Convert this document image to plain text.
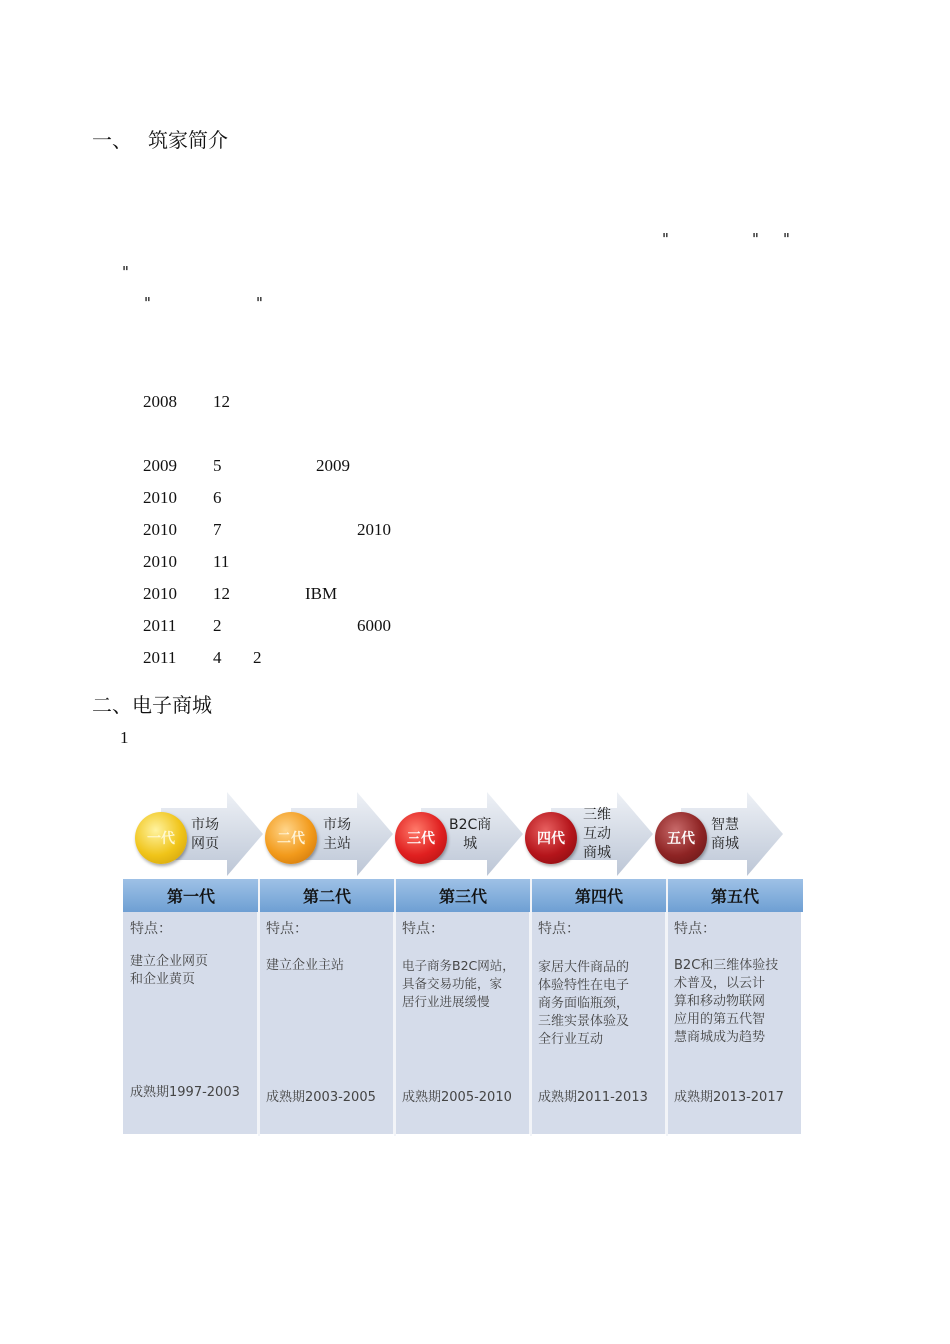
一、 筑家简介
"	" "
"
"	"
2008 12
2009 5	2009
2010 6
2010 7	2010
2010 11
2010 12	IBM
2011 2	6000
2011 4 2
二、电子商城
1
一代
市场
网页	二代
市场
主站	三代
B2C商
城	四代
三维
互动
商城
五代
智慧
商城
第一代	第二代	第三代	第四代	第五代
特点：
建立企业网页
和企业黄页
成熟期1997-2003
特点：
建立企业主站
成熟期2003-2005
特点：
电子商务B2C网站，
具备交易功能，家
居行业进展缓慢
成熟期2005-2010
特点：
家居大件商品的
体验特性在电子
商务面临瓶颈，
三维实景体验及
全行业互动
成熟期2011-2013
特点：
B2C和三维体验技
术普及，以云计
算和移动物联网
应用的第五代智
慧商城成为趋势
成熟期2013-2017
